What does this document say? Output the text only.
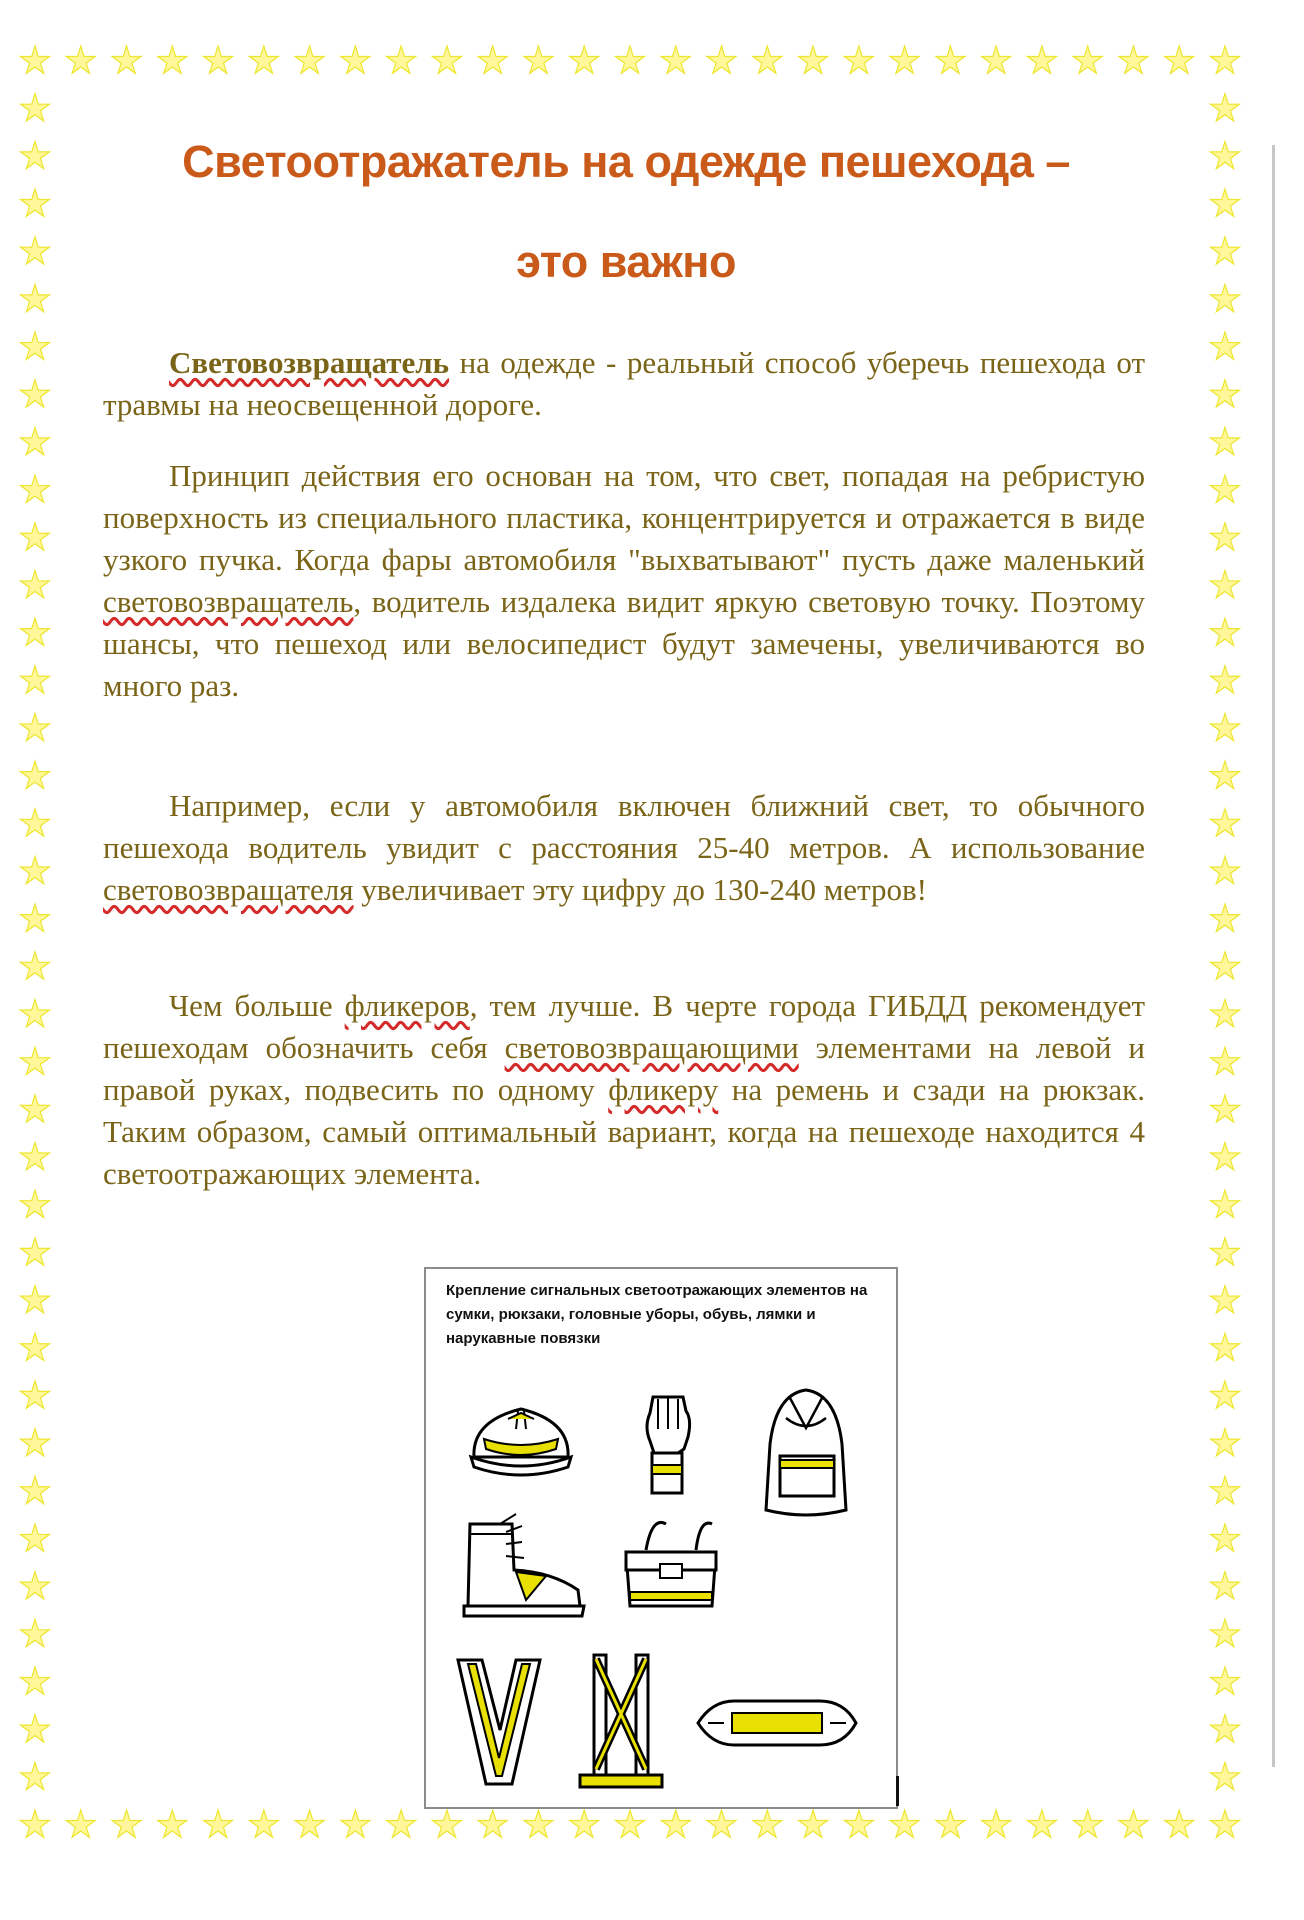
Светоотражатель на одежде пешехода –
это важно

Световозвращатель на одежде - реальный способ уберечь пешехода от травмы на неосвещенной дороге.

Принцип действия его основан на том, что свет, попадая на ребристую поверхность из специального пластика, концентрируется и отражается в виде узкого пучка. Когда фары автомобиля "выхватывают" пусть даже маленький световозвращатель, водитель издалека видит яркую световую точку. Поэтому шансы, что пешеход или велосипедист будут замечены, увеличиваются во много раз.

Например, если у автомобиля включен ближний свет, то обычного пешехода водитель увидит с расстояния 25-40 метров. А использование световозвращателя увеличивает эту цифру до 130-240 метров!

Чем больше фликеров, тем лучше. В черте города ГИБДД рекомендует пешеходам обозначить себя световозвращающими элементами на левой и правой руках, подвесить по одному фликеру на ремень и сзади на рюкзак. Таким образом, самый оптимальный вариант, когда на пешеходе находится 4 светоотражающих элемента.

Крепление сигнальных светоотражающих элементов на сумки, рюкзаки, головные уборы, обувь, лямки и нарукавные повязки
